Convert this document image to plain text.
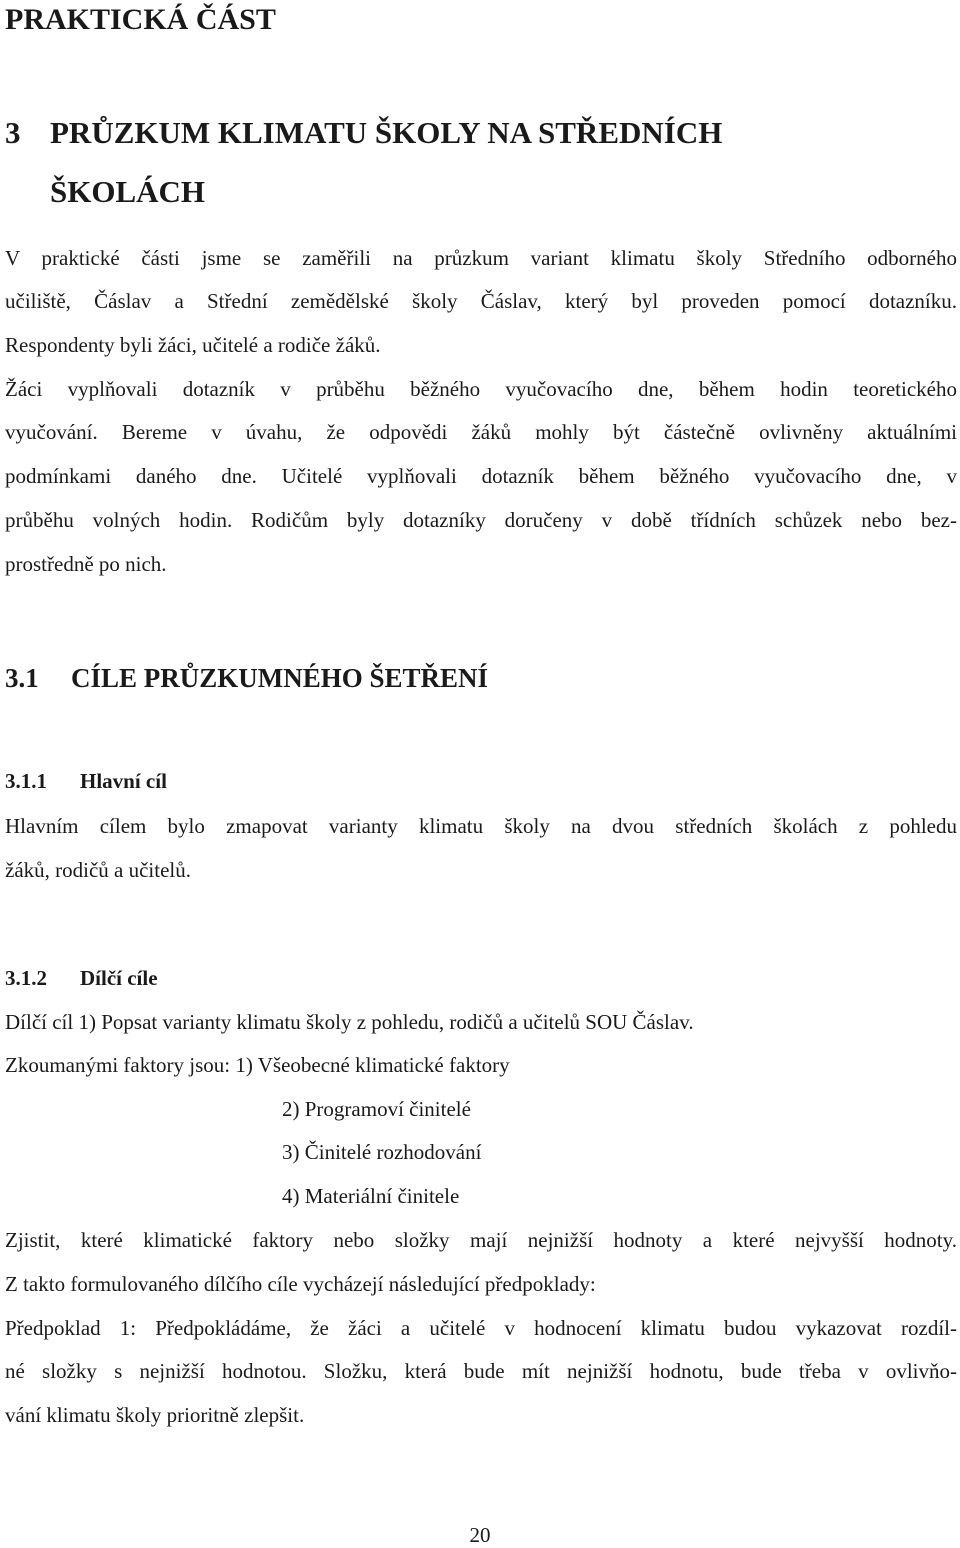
PRAKTICKÁ ČÁST
3 PRŮZKUM KLIMATU ŠKOLY NA STŘEDNÍCH
ŠKOLÁCH
V praktické části jsme se zaměřili na průzkum variant klimatu školy Středního odborného
učiliště, Čáslav a Střední zemědělské školy Čáslav, který byl proveden pomocí dotazníku.
Respondenty byli žáci, učitelé a rodiče žáků.
Žáci vyplňovali dotazník v průběhu běžného vyučovacího dne, během hodin teoretického
vyučování. Bereme v úvahu, že odpovědi žáků mohly být částečně ovlivněny aktuálními
podmínkami daného dne. Učitelé vyplňovali dotazník během běžného vyučovacího dne, v
průběhu volných hodin. Rodičům byly dotazníky doručeny v době třídních schůzek nebo bez-
prostředně po nich.
3.1 CÍLE PRŮZKUMNÉHO ŠETŘENÍ
3.1.1 Hlavní cíl
Hlavním cílem bylo zmapovat varianty klimatu školy na dvou středních školách z pohledu
žáků, rodičů a učitelů.
3.1.2 Dílčí cíle
Dílčí cíl 1) Popsat varianty klimatu školy z pohledu, rodičů a učitelů SOU Čáslav.
Zkoumanými faktory jsou: 1) Všeobecné klimatické faktory
2) Programoví činitelé
3) Činitelé rozhodování
4) Materiální činitele
Zjistit, které klimatické faktory nebo složky mají nejnižší hodnoty a které nejvyšší hodnoty.
Z takto formulovaného dílčího cíle vycházejí následující předpoklady:
Předpoklad 1: Předpokládáme, že žáci a učitelé v hodnocení klimatu budou vykazovat rozdíl-
né složky s nejnižší hodnotou. Složku, která bude mít nejnižší hodnotu, bude třeba v ovlivňo-
vání klimatu školy prioritně zlepšit.
20
